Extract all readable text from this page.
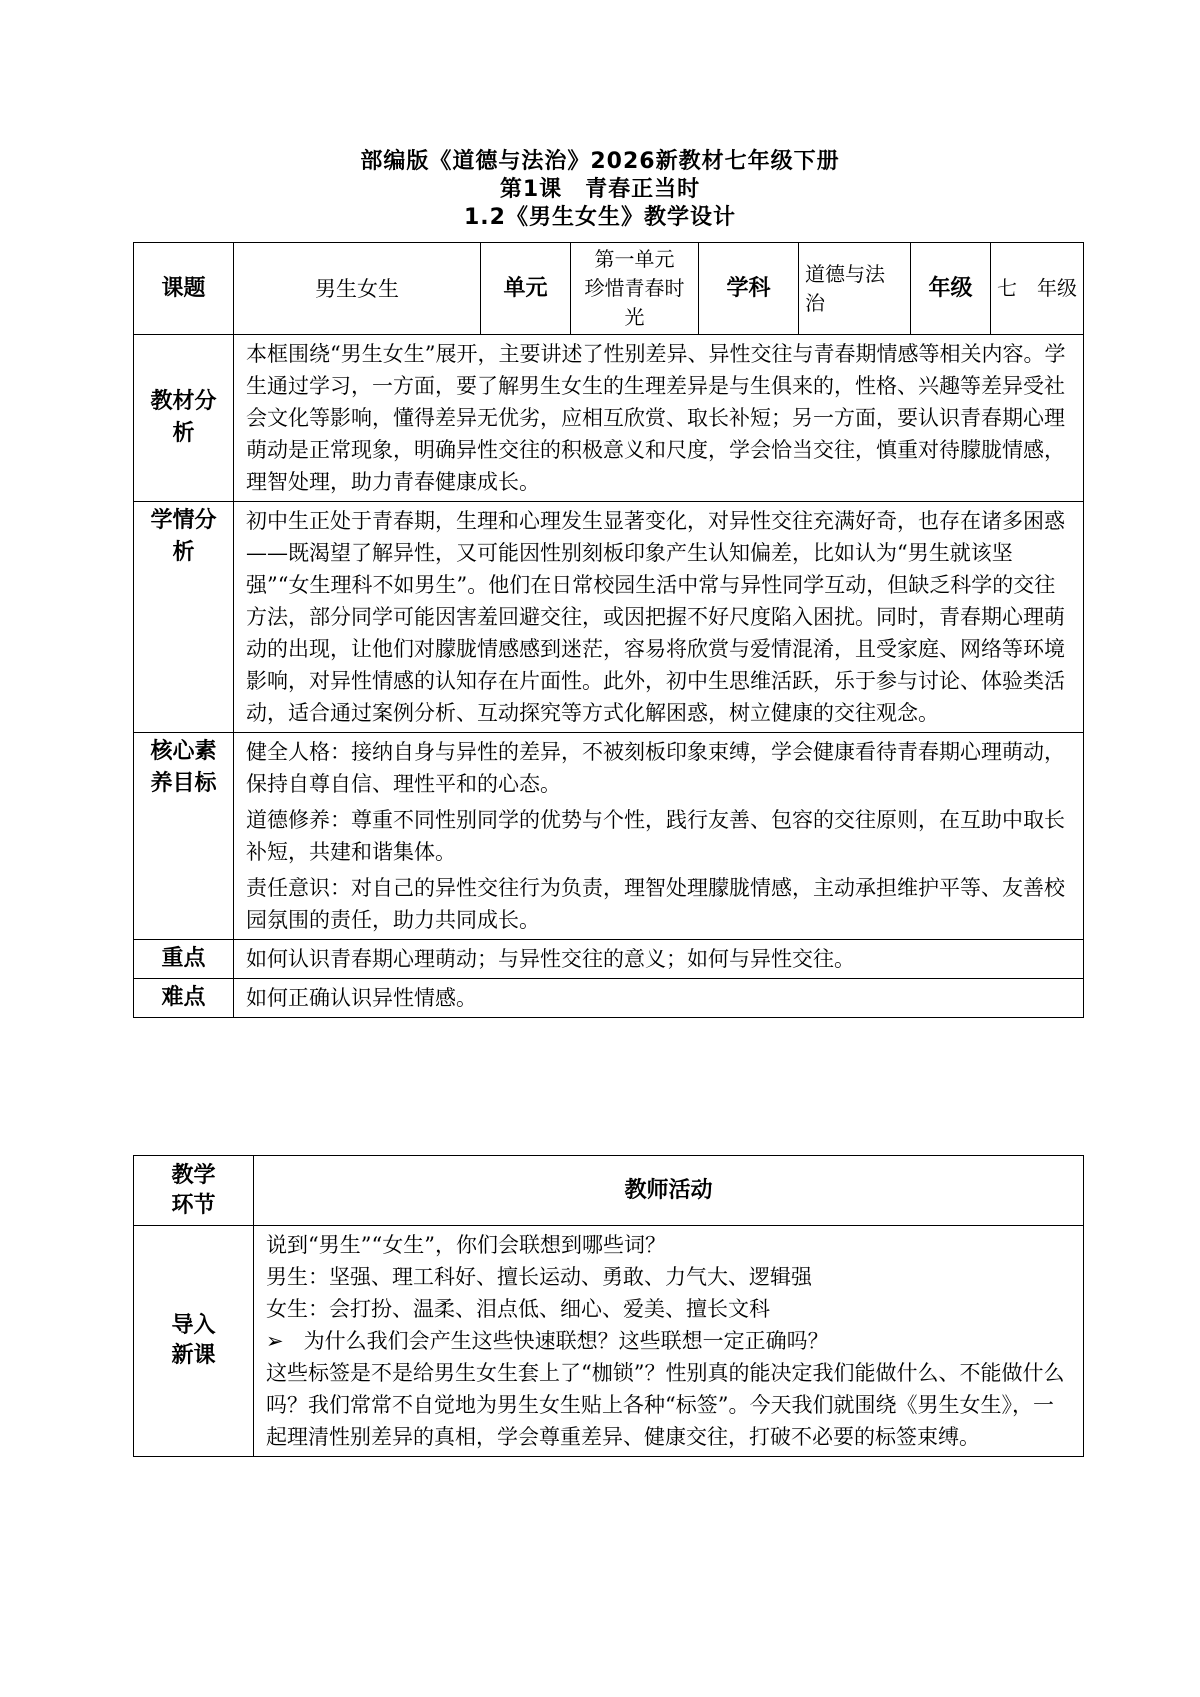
部编版《道德与法治》2026新教材七年级下册
第1课　青春正当时
1.2《男生女生》教学设计
课题	男生女生	单元	第一单元　珍惜青春时光	学科	道德与法治	年级	七　年级
教材分析	本框围绕“男生女生”展开，主要讲述了性别差异、异性交往与青春期情感等相关内容。学生通过学习，一方面，要了解男生女生的生理差异是与生俱来的，性格、兴趣等差异受社会文化等影响，懂得差异无优劣，应相互欣赏、取长补短；另一方面，要认识青春期心理萌动是正常现象，明确异性交往的积极意义和尺度，学会恰当交往，慎重对待朦胧情感，理智处理，助力青春健康成长。						
学情分析	初中生正处于青春期，生理和心理发生显著变化，对异性交往充满好奇，也存在诸多困惑——既渴望了解异性，又可能因性别刻板印象产生认知偏差，比如认为“男生就该坚强”“女生理科不如男生”。他们在日常校园生活中常与异性同学互动，但缺乏科学的交往方法，部分同学可能因害羞回避交往，或因把握不好尺度陷入困扰。同时，青春期心理萌动的出现，让他们对朦胧情感感到迷茫，容易将欣赏与爱情混淆，且受家庭、网络等环境影响，对异性情感的认知存在片面性。此外，初中生思维活跃，乐于参与讨论、体验类活动，适合通过案例分析、互动探究等方式化解困惑，树立健康的交往观念。						
核心素养目标	健全人格：接纳自身与异性的差异，不被刻板印象束缚，学会健康看待青春期心理萌动，保持自尊自信、理性平和的心态。
道德修养：尊重不同性别同学的优势与个性，践行友善、包容的交往原则，在互助中取长补短，共建和谐集体。
责任意识：对自己的异性交往行为负责，理智处理朦胧情感，主动承担维护平等、友善校园氛围的责任，助力共同成长。						

重点	如何认识青春期心理萌动；与异性交往的意义；如何与异性交往。						
难点	如何正确认识异性情感。						
教学环节	教师活动
导入新课	说到“男生”“女生”，你们会联想到哪些词？
男生：坚强、理工科好、擅长运动、勇敢、力气大、逻辑强
女生：会打扮、温柔、泪点低、细心、爱美、擅长文科
➢ 为什么我们会产生这些快速联想？这些联想一定正确吗？
这些标签是不是给男生女生套上了“枷锁”？性别真的能决定我们能做什么、不能做什么吗？我们常常不自觉地为男生女生贴上各种“标签”。今天我们就围绕《男生女生》，一起理清性别差异的真相，学会尊重差异、健康交往，打破不必要的标签束缚。
